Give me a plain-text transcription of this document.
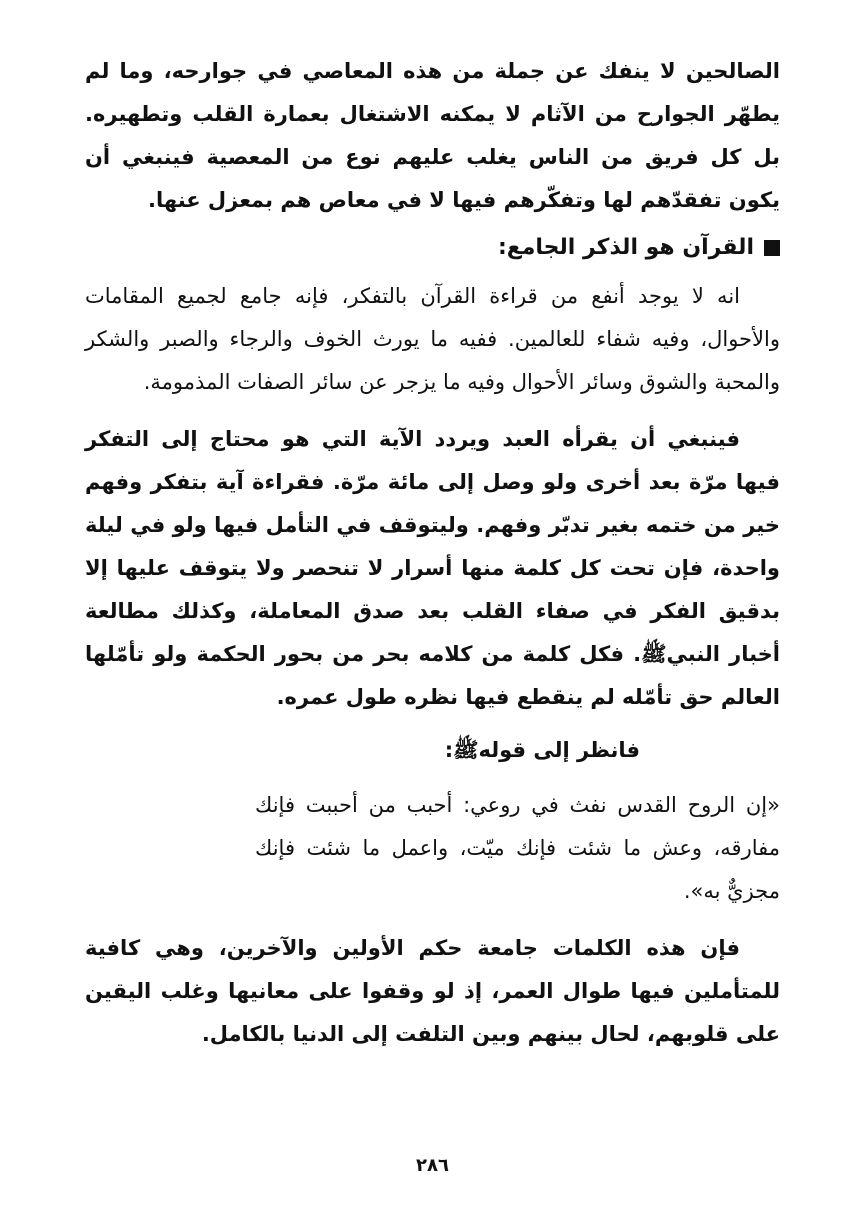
الصالحين لا ينفك عن جملة من هذه المعاصي في جوارحه، وما لم يطهّر الجوارح من الآثام لا يمكنه الاشتغال بعمارة القلب وتطهيره. بل كل فريق من الناس يغلب عليهم نوع من المعصية فينبغي أن يكون تفقدّهم لها وتفكّرهم فيها لا في معاص هم بمعزل عنها.

القرآن هو الذكر الجامع:

انه لا يوجد أنفع من قراءة القرآن بالتفكر، فإنه جامع لجميع المقامات والأحوال، وفيه شفاء للعالمين. ففيه ما يورث الخوف والرجاء والصبر والشكر والمحبة والشوق وسائر الأحوال وفيه ما يزجر عن سائر الصفات المذمومة.

فينبغي أن يقرأه العبد ويردد الآية التي هو محتاج إلى التفكر فيها مرّة بعد أخرى ولو وصل إلى مائة مرّة. فقراءة آية بتفكر وفهم خير من ختمه بغير تدبّر وفهم. وليتوقف في التأمل فيها ولو في ليلة واحدة، فإن تحت كل كلمة منها أسرار لا تنحصر ولا يتوقف عليها إلا بدقيق الفكر في صفاء القلب بعد صدق المعاملة، وكذلك مطالعة أخبار النبيﷺ. فكل كلمة من كلامه بحر من بحور الحكمة ولو تأمّلها العالم حق تأمّله لم ينقطع فيها نظره طول عمره.

فانظر إلى قولهﷺ:

«إن الروح القدس نفث في روعي: أحبب من أحببت فإنك مفارقه، وعش ما شئت فإنك ميّت، واعمل ما شئت فإنك مجزيٌّ به».

فإن هذه الكلمات جامعة حكم الأولين والآخرين، وهي كافية للمتأملين فيها طوال العمر، إذ لو وقفوا على معانيها وغلب اليقين على قلوبهم، لحال بينهم وبين التلفت إلى الدنيا بالكامل.

٢٨٦
